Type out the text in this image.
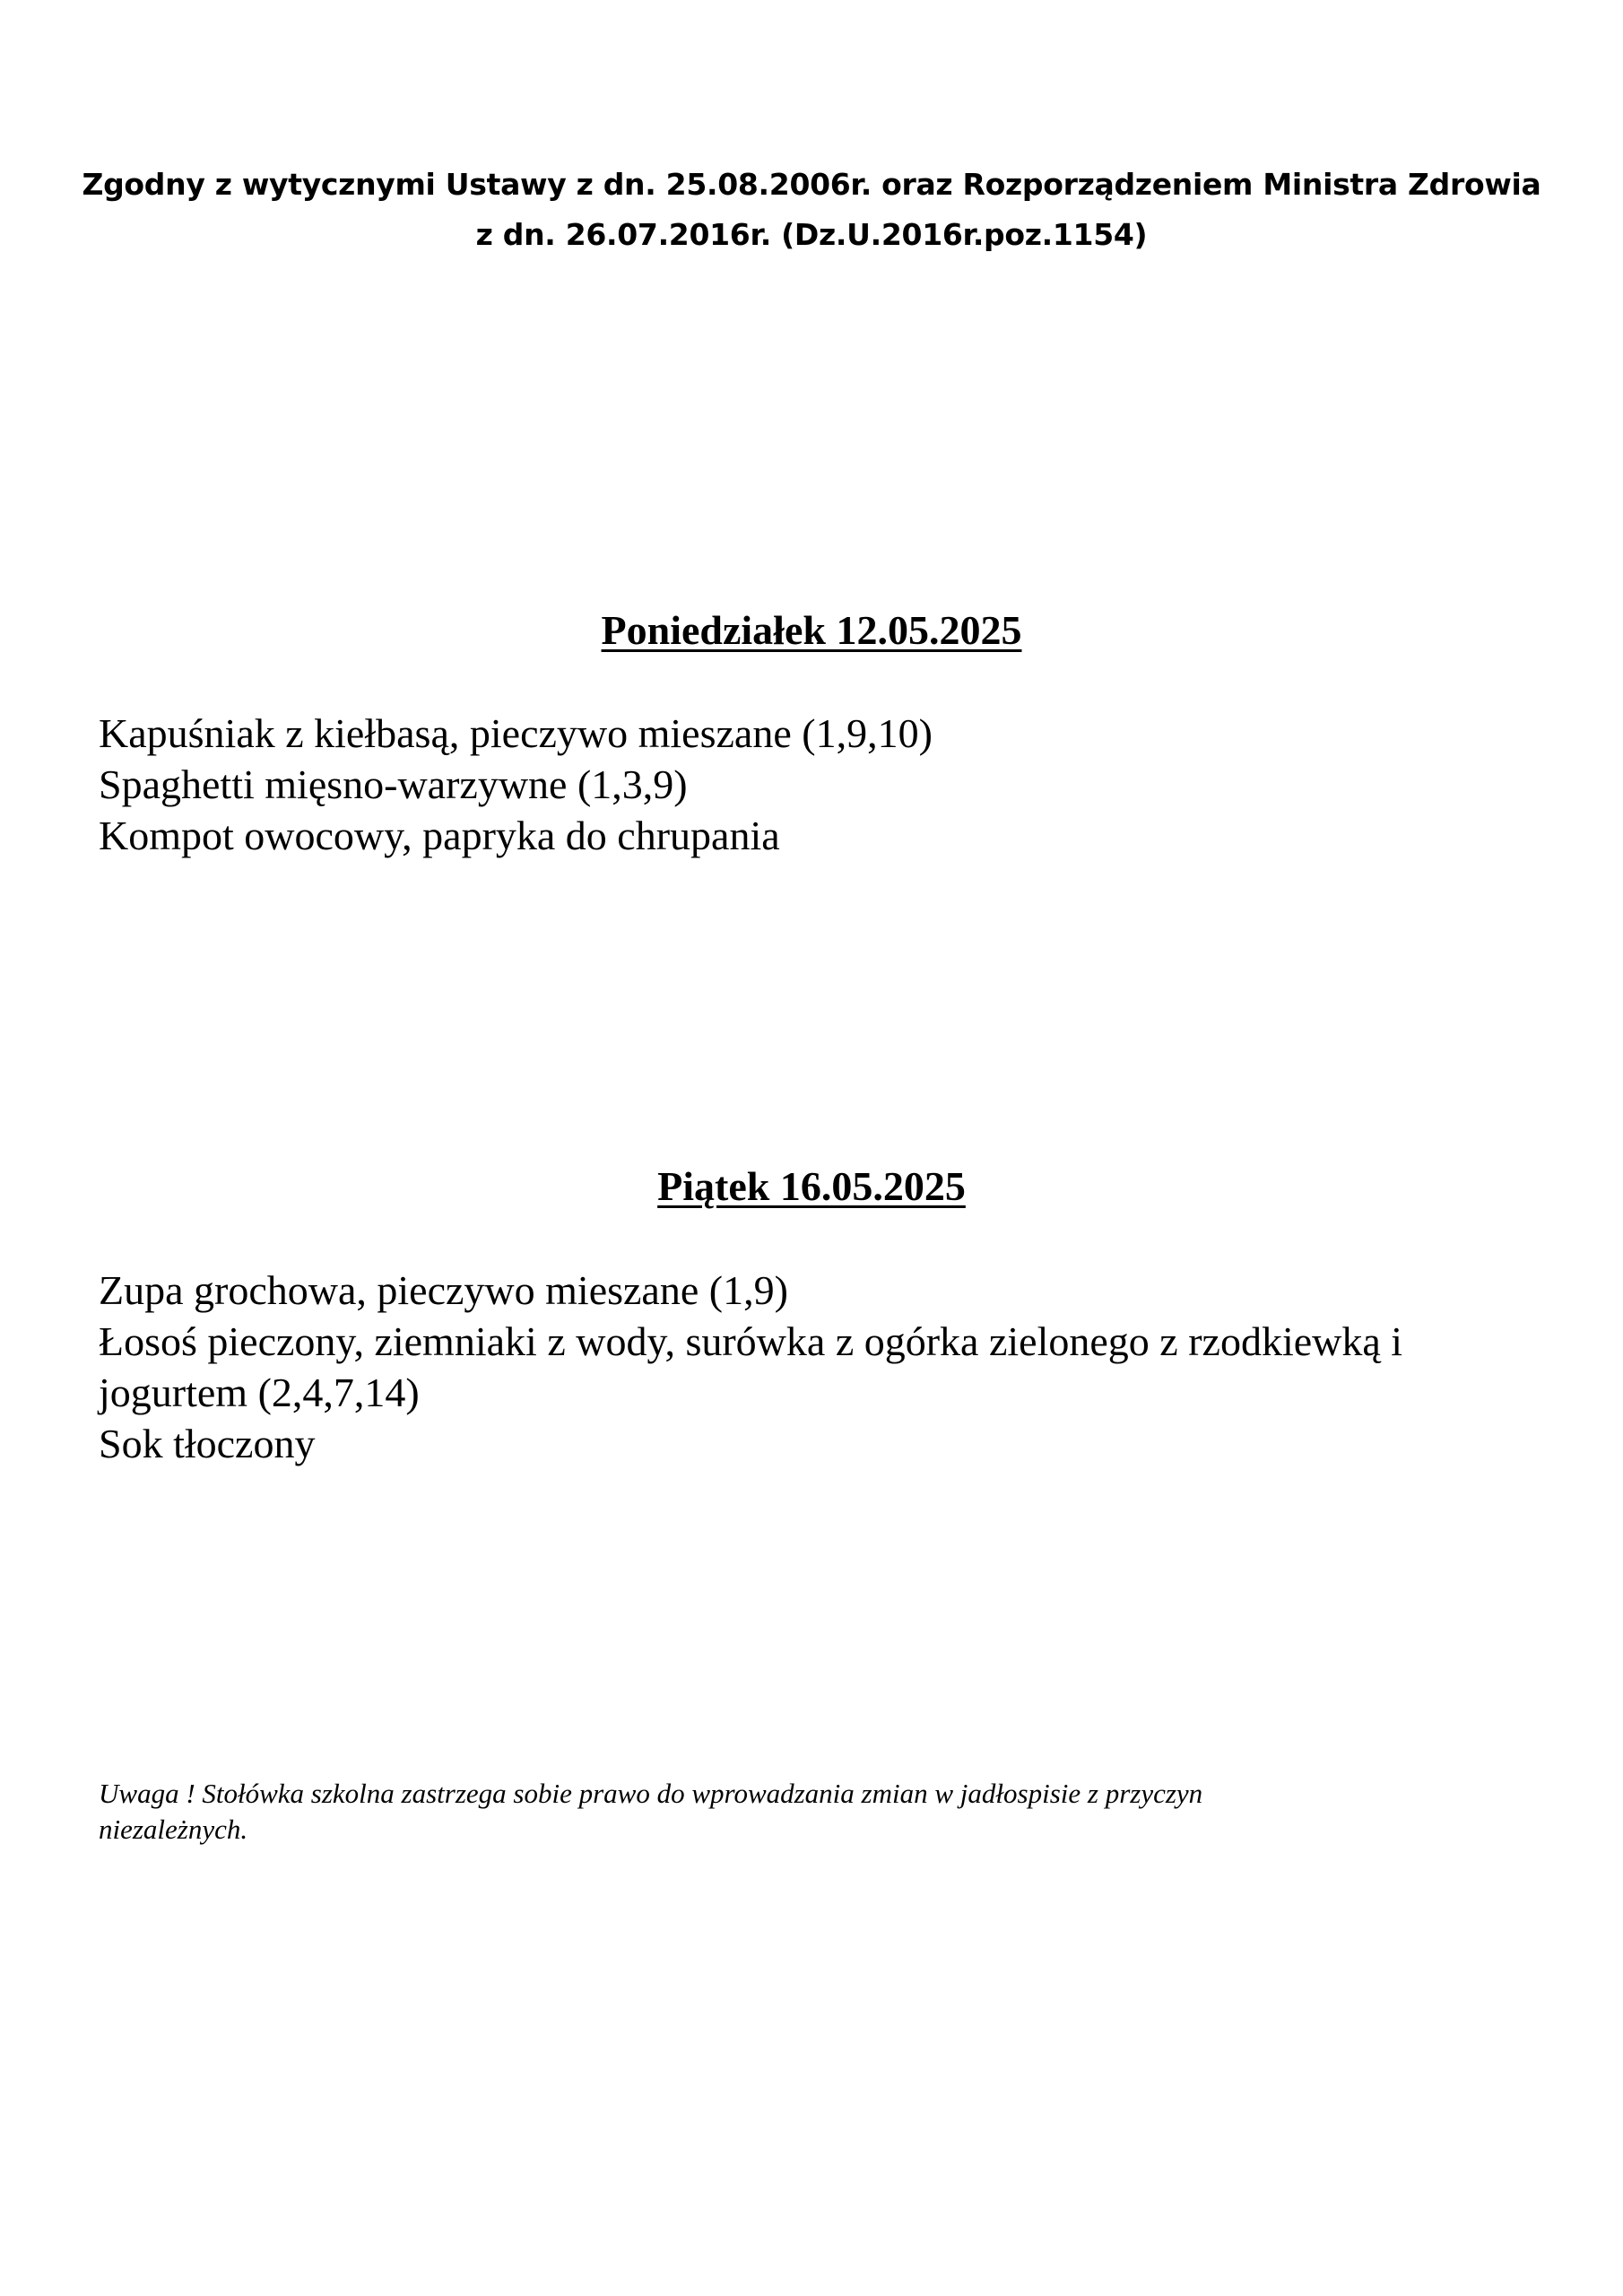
Zgodny z wytycznymi Ustawy z dn. 25.08.2006r. oraz Rozporządzeniem Ministra Zdrowia
z dn. 26.07.2016r. (Dz.U.2016r.poz.1154)
Poniedziałek 12.05.2025
Kapuśniak z kiełbasą, pieczywo mieszane (1,9,10)
Spaghetti mięsno-warzywne (1,3,9)
Kompot owocowy, papryka do chrupania
Piątek 16.05.2025
Zupa grochowa, pieczywo mieszane (1,9)
Łosoś pieczony, ziemniaki z wody, surówka z ogórka zielonego z rzodkiewką i
jogurtem (2,4,7,14)
Sok tłoczony
Uwaga ! Stołówka szkolna zastrzega sobie prawo do wprowadzania zmian w jadłospisie z przyczyn
niezależnych.
